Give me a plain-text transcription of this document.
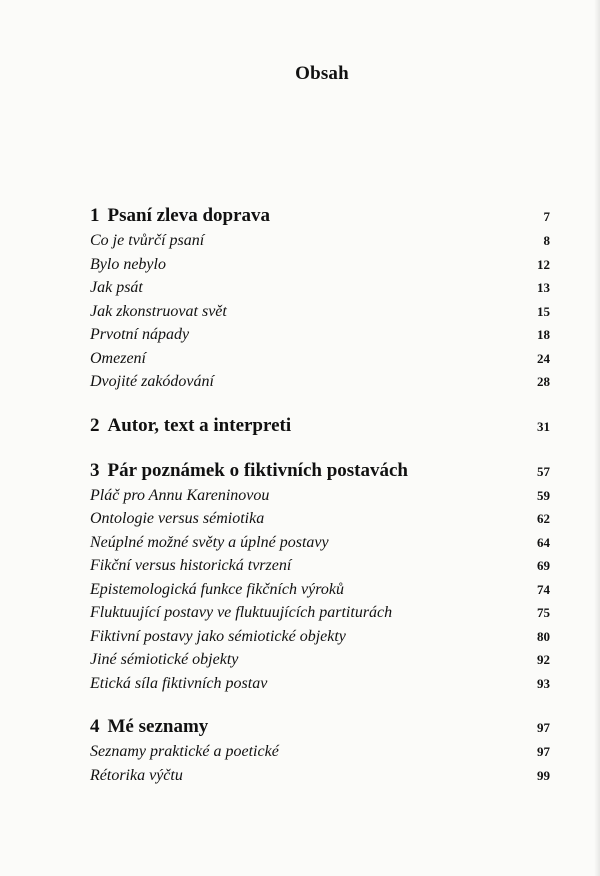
Obsah
1 Psaní zleva doprava	7
Co je tvůrčí psaní	8
Bylo nebylo	12
Jak psát	13
Jak zkonstruovat svět	15
Prvotní nápady	18
Omezení	24
Dvojité zakódování	28
2 Autor, text a interpreti	31
3 Pár poznámek o fiktivních postavách	57
Pláč pro Annu Kareninovou	59
Ontologie versus sémiotika	62
Neúplné možné světy a úplné postavy	64
Fikční versus historická tvrzení	69
Epistemologická funkce fikčních výroků	74
Fluktuující postavy ve fluktuujících partiturách	75
Fiktivní postavy jako sémiotické objekty	80
Jiné sémiotické objekty	92
Etická síla fiktivních postav	93
4 Mé seznamy	97
Seznamy praktické a poetické	97
Rétorika výčtu	99
